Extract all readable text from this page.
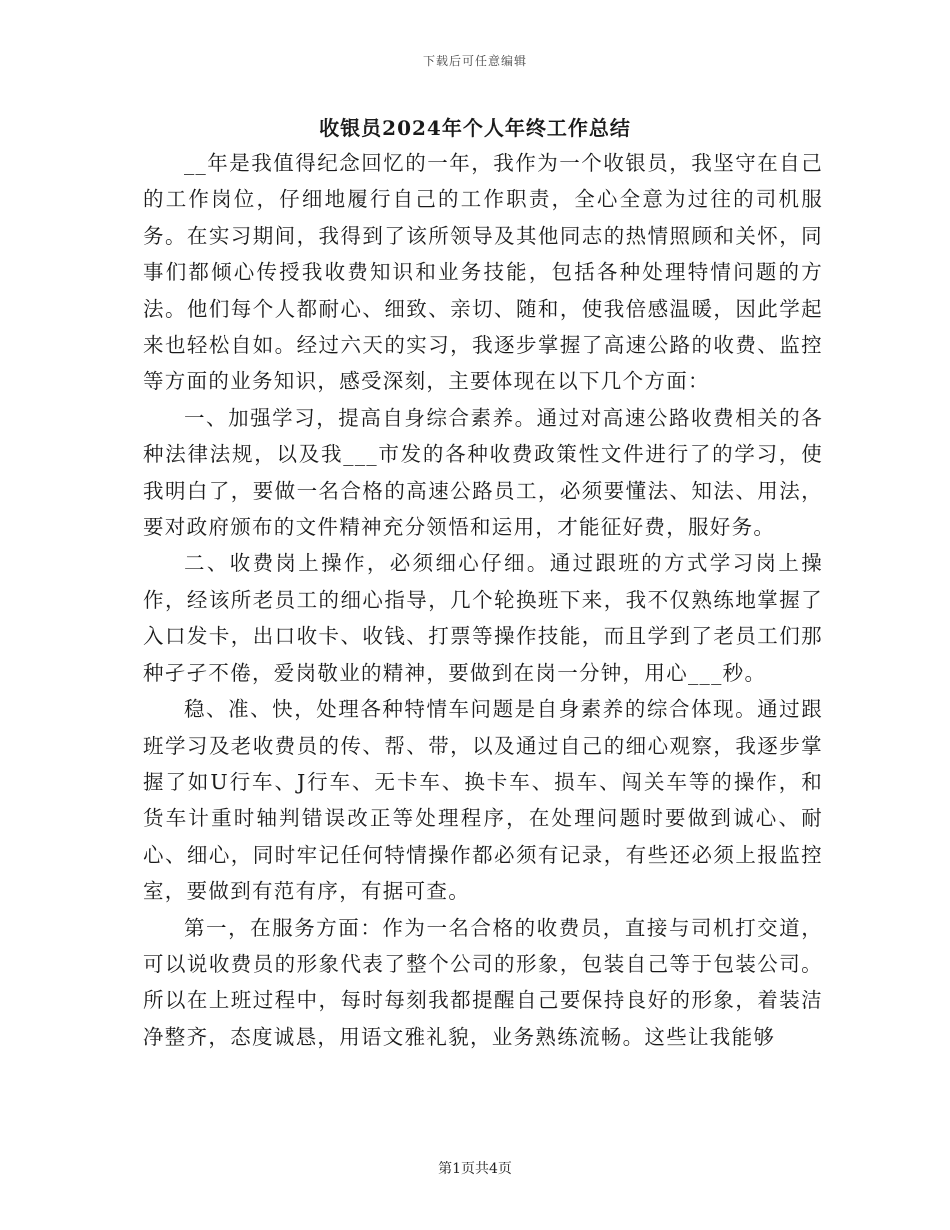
下载后可任意编辑
收银员2024年个人年终工作总结

__年是我值得纪念回忆的一年，我作为一个收银员，我坚守在自己的工作岗位，仔细地履行自己的工作职责，全心全意为过往的司机服务。在实习期间，我得到了该所领导及其他同志的热情照顾和关怀，同事们都倾心传授我收费知识和业务技能，包括各种处理特情问题的方法。他们每个人都耐心、细致、亲切、随和，使我倍感温暖，因此学起来也轻松自如。经过六天的实习，我逐步掌握了高速公路的收费、监控等方面的业务知识，感受深刻，主要体现在以下几个方面：

一、加强学习，提高自身综合素养。通过对高速公路收费相关的各种法律法规，以及我___市发的各种收费政策性文件进行了的学习，使我明白了，要做一名合格的高速公路员工，必须要懂法、知法、用法，要对政府颁布的文件精神充分领悟和运用，才能征好费，服好务。

二、收费岗上操作，必须细心仔细。通过跟班的方式学习岗上操作，经该所老员工的细心指导，几个轮换班下来，我不仅熟练地掌握了入口发卡，出口收卡、收钱、打票等操作技能，而且学到了老员工们那种孑孑不倦，爱岗敬业的精神，要做到在岗一分钟，用心___秒。

稳、准、快，处理各种特情车问题是自身素养的综合体现。通过跟班学习及老收费员的传、帮、带，以及通过自己的细心观察，我逐步掌握了如U行车、J行车、无卡车、换卡车、损车、闯关车等的操作，和货车计重时轴判错误改正等处理程序，在处理问题时要做到诚心、耐心、细心，同时牢记任何特情操作都必须有记录，有些还必须上报监控室，要做到有范有序，有据可查。

第一，在服务方面：作为一名合格的收费员，直接与司机打交道，可以说收费员的形象代表了整个公司的形象，包装自己等于包装公司。所以在上班过程中，每时每刻我都提醒自己要保持良好的形象，着装洁净整齐，态度诚恳，用语文雅礼貌，业务熟练流畅。这些让我能够

第1页共4页
